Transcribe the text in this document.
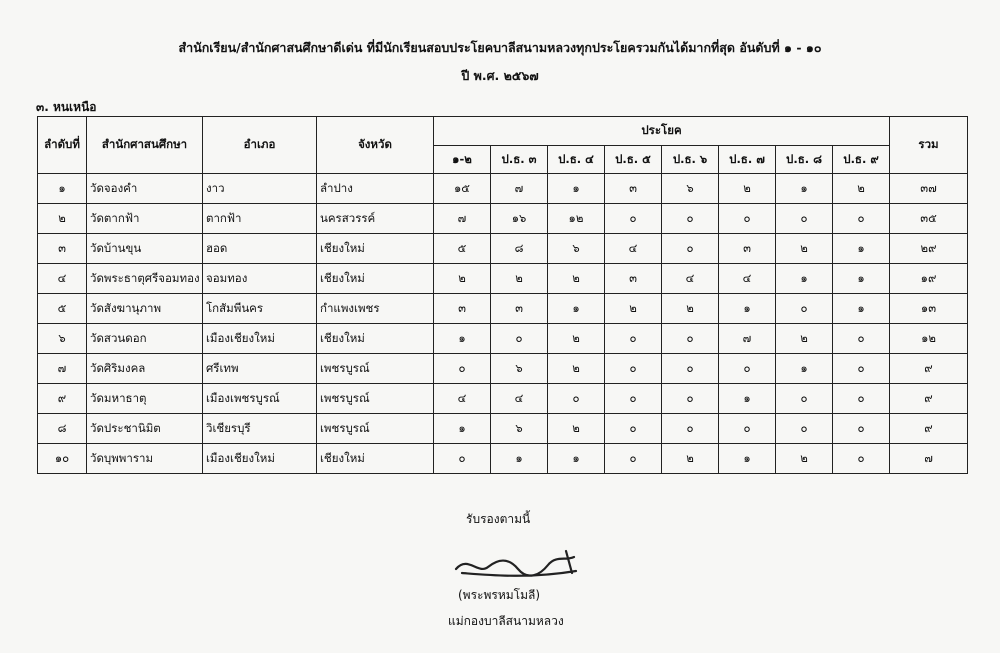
สำนักเรียน/สำนักศาสนศึกษาดีเด่น ที่มีนักเรียนสอบประโยคบาลีสนามหลวงทุกประโยครวมกันได้มากที่สุด อันดับที่ ๑ - ๑๐
ปี พ.ศ. ๒๕๖๗
๓. หนเหนือ
ลำดับที่	สำนักศาสนศึกษา	อำเภอ	จังหวัด	ประโยค								รวม
				๑-๒	ป.ธ. ๓	ป.ธ. ๔	ป.ธ. ๕	ป.ธ. ๖	ป.ธ. ๗	ป.ธ. ๘	ป.ธ. ๙	
๑	วัดจองคำ	งาว	ลำปาง	๑๕	๗	๑	๓	๖	๒	๑	๒	๓๗
๒	วัดตากฟ้า	ตากฟ้า	นครสวรรค์	๗	๑๖	๑๒	๐	๐	๐	๐	๐	๓๕
๓	วัดบ้านขุน	ฮอด	เชียงใหม่	๕	๘	๖	๔	๐	๓	๒	๑	๒๙
๔	วัดพระธาตุศรีจอมทอง	จอมทอง	เชียงใหม่	๒	๒	๒	๓	๔	๔	๑	๑	๑๙
๕	วัดสังฆานุภาพ	โกสัมพีนคร	กำแพงเพชร	๓	๓	๑	๒	๒	๑	๐	๑	๑๓
๖	วัดสวนดอก	เมืองเชียงใหม่	เชียงใหม่	๑	๐	๒	๐	๐	๗	๒	๐	๑๒
๗	วัดศิริมงคล	ศรีเทพ	เพชรบูรณ์	๐	๖	๒	๐	๐	๐	๑	๐	๙
๙	วัดมหาธาตุ	เมืองเพชรบูรณ์	เพชรบูรณ์	๔	๔	๐	๐	๐	๑	๐	๐	๙
๘	วัดประชานิมิต	วิเชียรบุรี	เพชรบูรณ์	๑	๖	๒	๐	๐	๐	๐	๐	๙
๑๐	วัดบุพพาราม	เมืองเชียงใหม่	เชียงใหม่	๐	๑	๑	๐	๒	๑	๒	๐	๗
รับรองตามนี้
(พระพรหมโมลี)
แม่กองบาลีสนามหลวง
